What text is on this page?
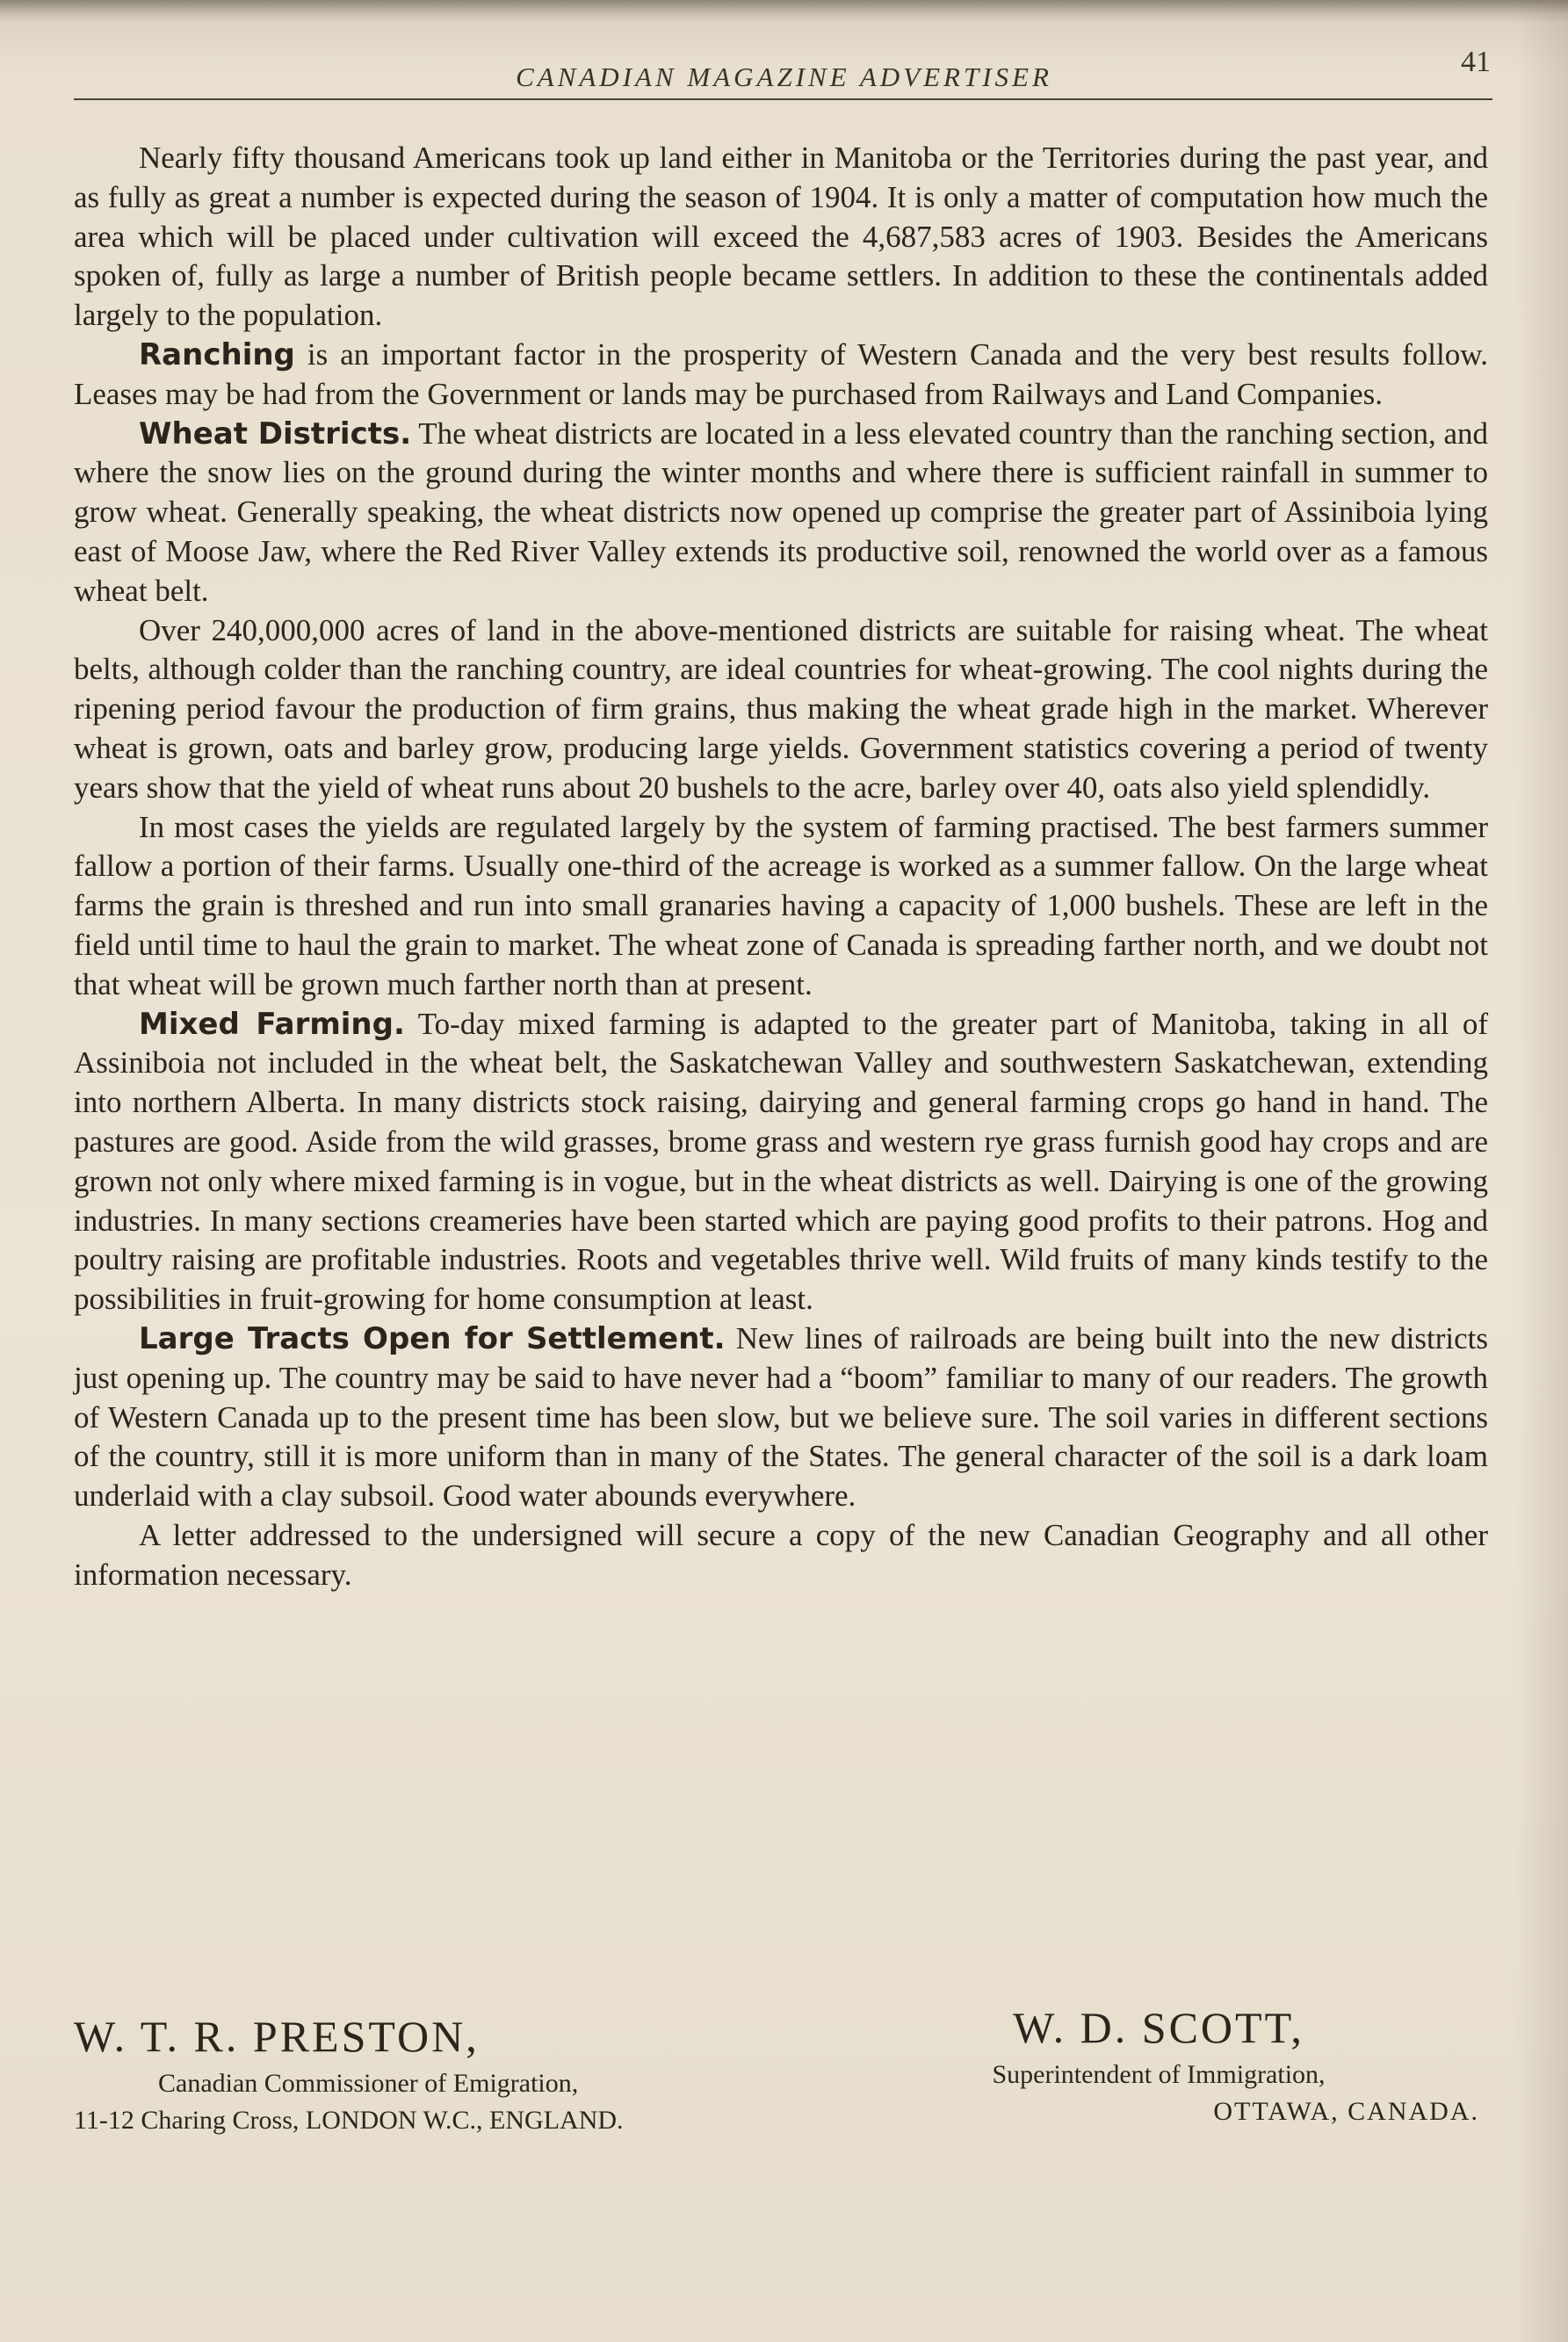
CANADIAN MAGAZINE ADVERTISER	41

Nearly fifty thousand Americans took up land either in Manitoba or the Territories during the past year, and as fully as great a number is expected during the season of 1904. It is only a matter of computation how much the area which will be placed under cultivation will exceed the 4,687,583 acres of 1903. Besides the Americans spoken of, fully as large a number of British people became settlers. In addition to these the continentals added largely to the population.

Ranching is an important factor in the prosperity of Western Canada and the very best results follow. Leases may be had from the Government or lands may be purchased from Railways and Land Companies.

Wheat Districts. The wheat districts are located in a less elevated country than the ranching section, and where the snow lies on the ground during the winter months and where there is sufficient rainfall in summer to grow wheat. Generally speaking, the wheat districts now opened up comprise the greater part of Assiniboia lying east of Moose Jaw, where the Red River Valley extends its productive soil, renowned the world over as a famous wheat belt.

Over 240,000,000 acres of land in the above-mentioned districts are suitable for raising wheat. The wheat belts, although colder than the ranching country, are ideal countries for wheat-growing. The cool nights during the ripening period favour the production of firm grains, thus making the wheat grade high in the market. Wherever wheat is grown, oats and barley grow, producing large yields. Government statistics covering a period of twenty years show that the yield of wheat runs about 20 bushels to the acre, barley over 40, oats also yield splendidly.

In most cases the yields are regulated largely by the system of farming practised. The best farmers summer fallow a portion of their farms. Usually one-third of the acreage is worked as a summer fallow. On the large wheat farms the grain is threshed and run into small granaries having a capacity of 1,000 bushels. These are left in the field until time to haul the grain to market. The wheat zone of Canada is spreading farther north, and we doubt not that wheat will be grown much farther north than at present.

Mixed Farming. To-day mixed farming is adapted to the greater part of Manitoba, taking in all of Assiniboia not included in the wheat belt, the Saskatchewan Valley and southwestern Saskatchewan, extending into northern Alberta. In many districts stock raising, dairying and general farming crops go hand in hand. The pastures are good. Aside from the wild grasses, brome grass and western rye grass furnish good hay crops and are grown not only where mixed farming is in vogue, but in the wheat districts as well. Dairying is one of the growing industries. In many sections creameries have been started which are paying good profits to their patrons. Hog and poultry raising are profitable industries. Roots and vegetables thrive well. Wild fruits of many kinds testify to the possibilities in fruit-growing for home consumption at least.

Large Tracts Open for Settlement. New lines of railroads are being built into the new districts just opening up. The country may be said to have never had a “boom” familiar to many of our readers. The growth of Western Canada up to the present time has been slow, but we believe sure. The soil varies in different sections of the country, still it is more uniform than in many of the States. The general character of the soil is a dark loam underlaid with a clay subsoil. Good water abounds everywhere.

A letter addressed to the undersigned will secure a copy of the new Canadian Geography and all other information necessary.

W. T. R. PRESTON,
Canadian Commissioner of Emigration,
11-12 Charing Cross, LONDON W.C., ENGLAND.
W. D. SCOTT,
Superintendent of Immigration,
OTTAWA, CANADA.
